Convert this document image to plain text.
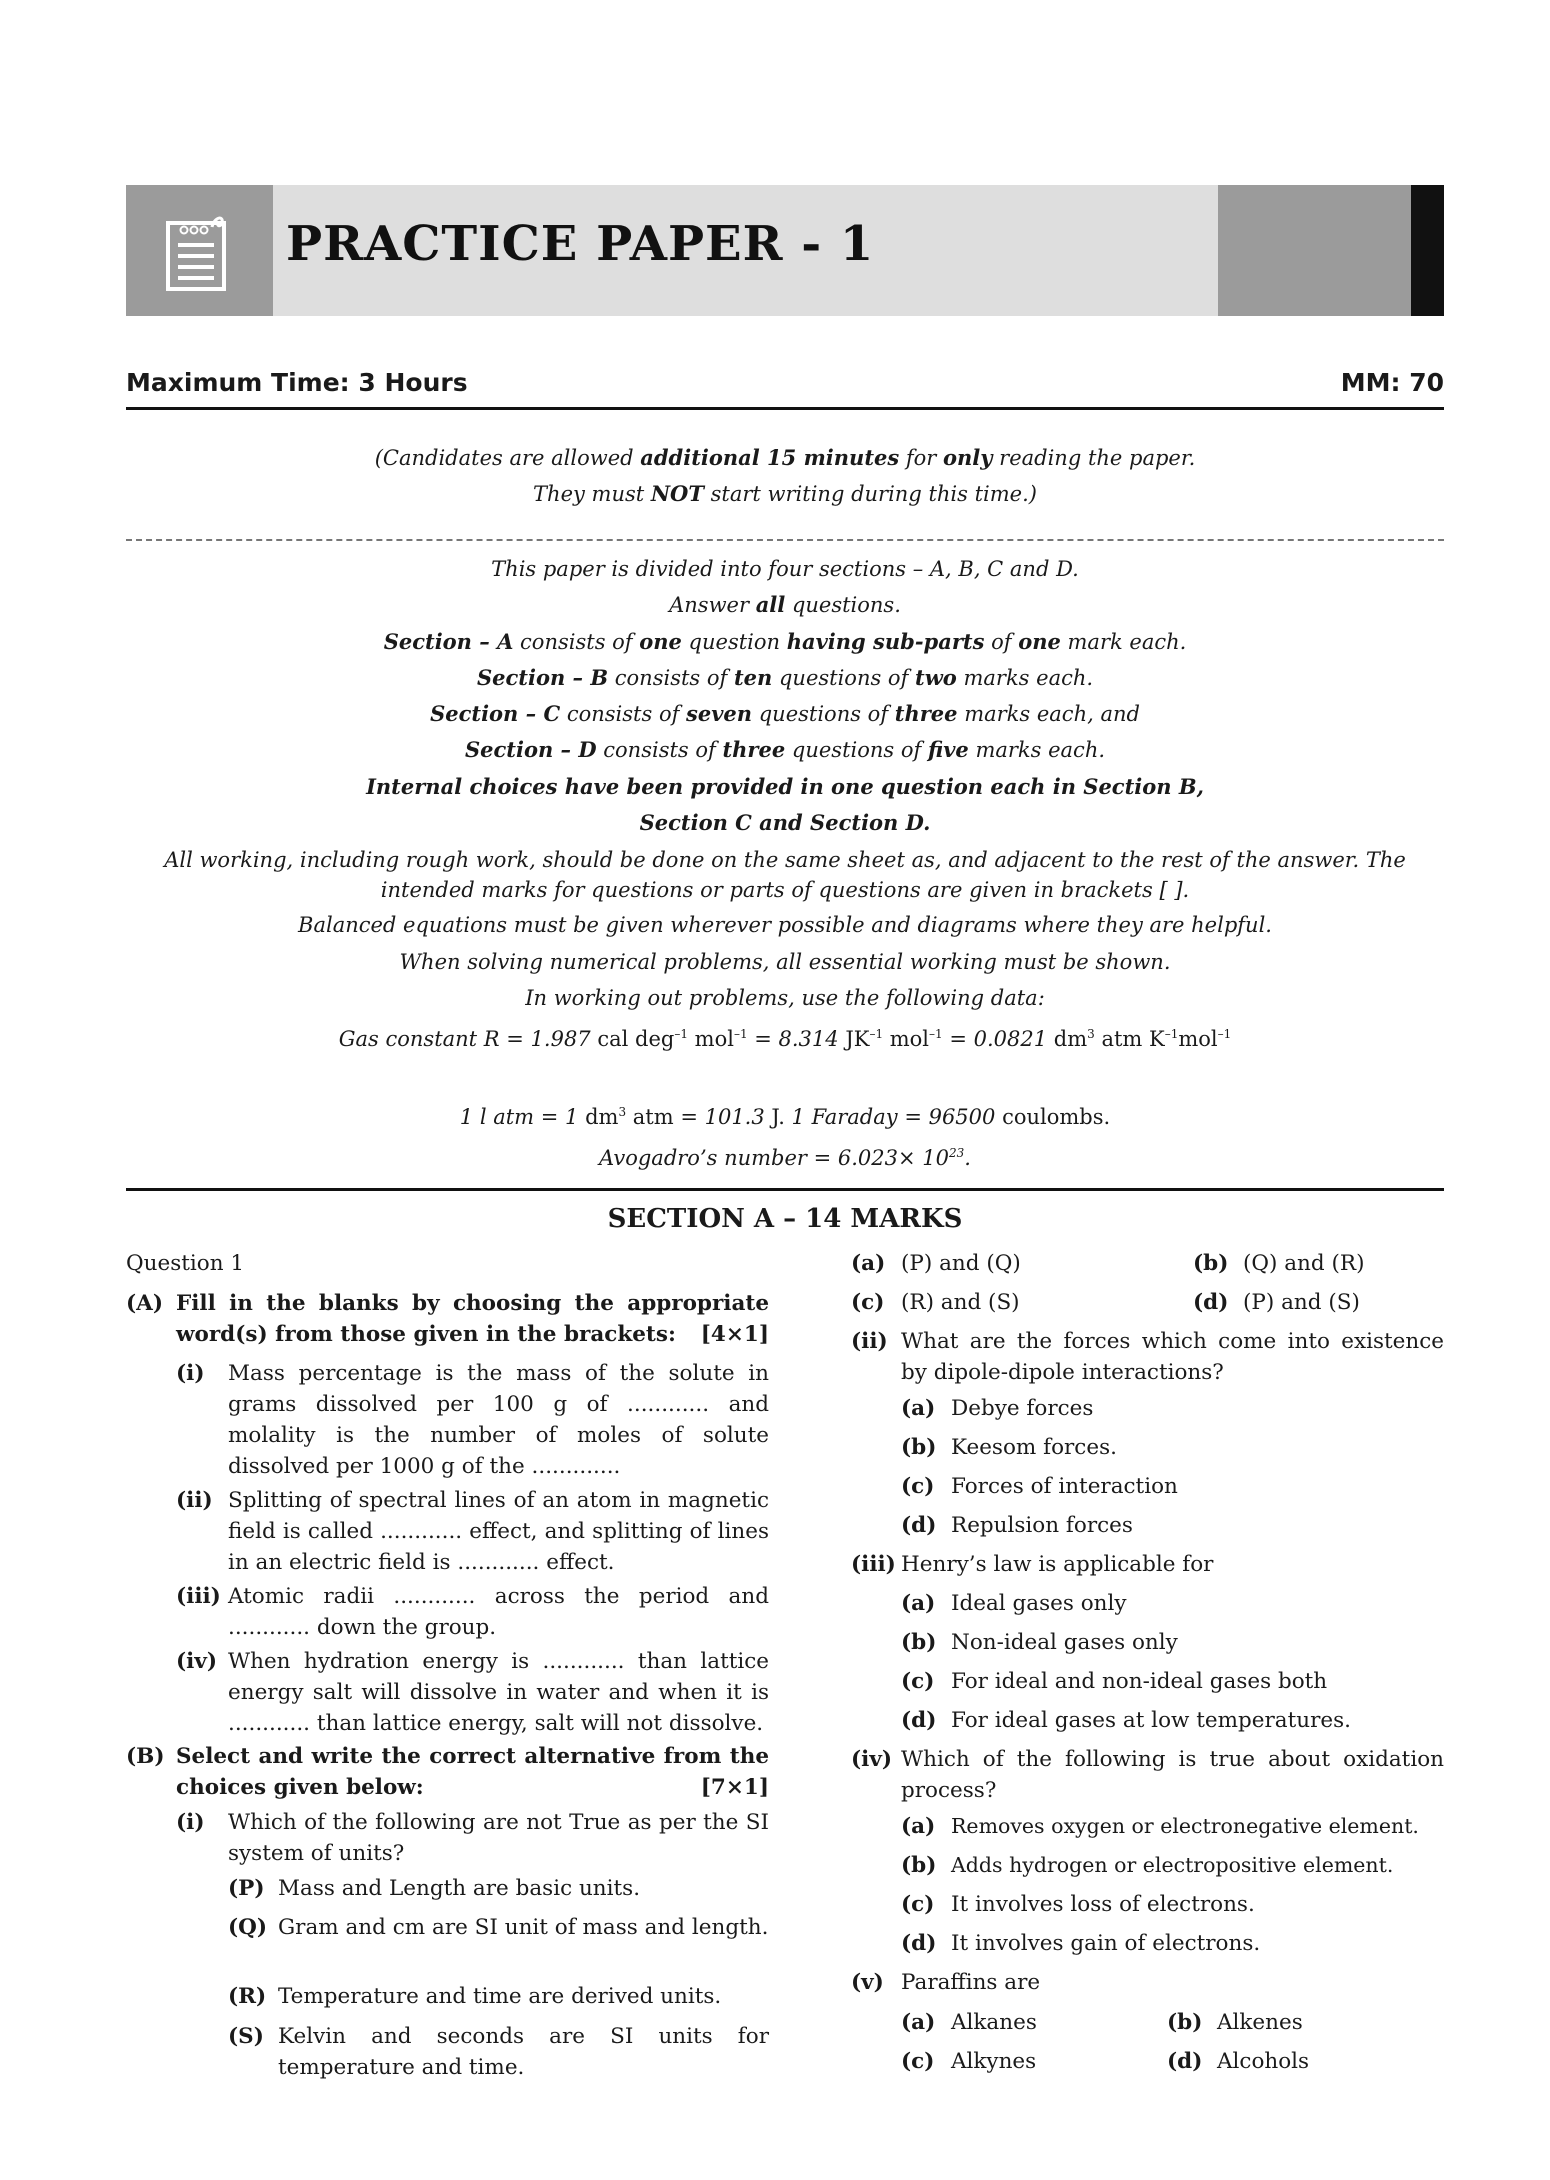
PRACTICE PAPER - 1
Maximum Time: 3 Hours	MM: 70
(Candidates are allowed additional 15 minutes for only reading the paper.
They must NOT start writing during this time.)
This paper is divided into four sections – A, B, C and D.
Answer all questions.
Section – A consists of one question having sub-parts of one mark each.
Section – B consists of ten questions of two marks each.
Section – C consists of seven questions of three marks each, and
Section – D consists of three questions of five marks each.
Internal choices have been provided in one question each in Section B,
Section C and Section D.
All working, including rough work, should be done on the same sheet as, and adjacent to the rest of the answer. The intended marks for questions or parts of questions are given in brackets [ ].
Balanced equations must be given wherever possible and diagrams where they are helpful.
When solving numerical problems, all essential working must be shown.
In working out problems, use the following data:
Gas constant R = 1.987 cal deg$^{-1}$ mol$^{-1}$ = 8.314 $JK^{-1}$ mol$^{-1}$ = 0.0821 $dm^3$ atm $K^{-1}mol^{-1}$
1 l atm = 1 $dm^3$ atm = 101.3 J. 1 Faraday = 96500 coulombs.
Avogadro’s number = $6.023\times 10^{23}$.
SECTION A – 14 MARKS
Question 1
(A) Fill in the blanks by choosing the appropriate word(s) from those given in the brackets: [4×1]
(i) Mass percentage is the mass of the solute in grams dissolved per 100 g of ............ and molality is the number of moles of solute dissolved per 1000 g of the .............
(ii) Splitting of spectral lines of an atom in magnetic field is called ............ effect, and splitting of lines in an electric field is ............ effect.
(iii) Atomic radii ............ across the period and ............ down the group.
(iv) When hydration energy is ............ than lattice energy salt will dissolve in water and when it is ............ than lattice energy, salt will not dissolve.
(B) Select and write the correct alternative from the choices given below:	[7×1]
(i) Which of the following are not True as per the SI system of units?
(P) Mass and Length are basic units.
(Q) Gram and cm are SI unit of mass and length.
(R) Temperature and time are derived units.
(S) Kelvin and seconds are SI units for temperature and time.
(a) (P) and (Q)	(b) (Q) and (R)
(c) (R) and (S)	(d) (P) and (S)
(ii) What are the forces which come into existence by dipole-dipole interactions?
(a) Debye forces
(b) Keesom forces.
(c) Forces of interaction
(d) Repulsion forces
(iii) Henry’s law is applicable for
(a) Ideal gases only
(b) Non-ideal gases only
(c) For ideal and non-ideal gases both
(d) For ideal gases at low temperatures.
(iv) Which of the following is true about oxidation process?
(a) Removes oxygen or electronegative element.
(b) Adds hydrogen or electropositive element.
(c) It involves loss of electrons.
(d) It involves gain of electrons.
(v) Paraffins are
(a) Alkanes	(b) Alkenes
(c) Alkynes	(d) Alcohols
